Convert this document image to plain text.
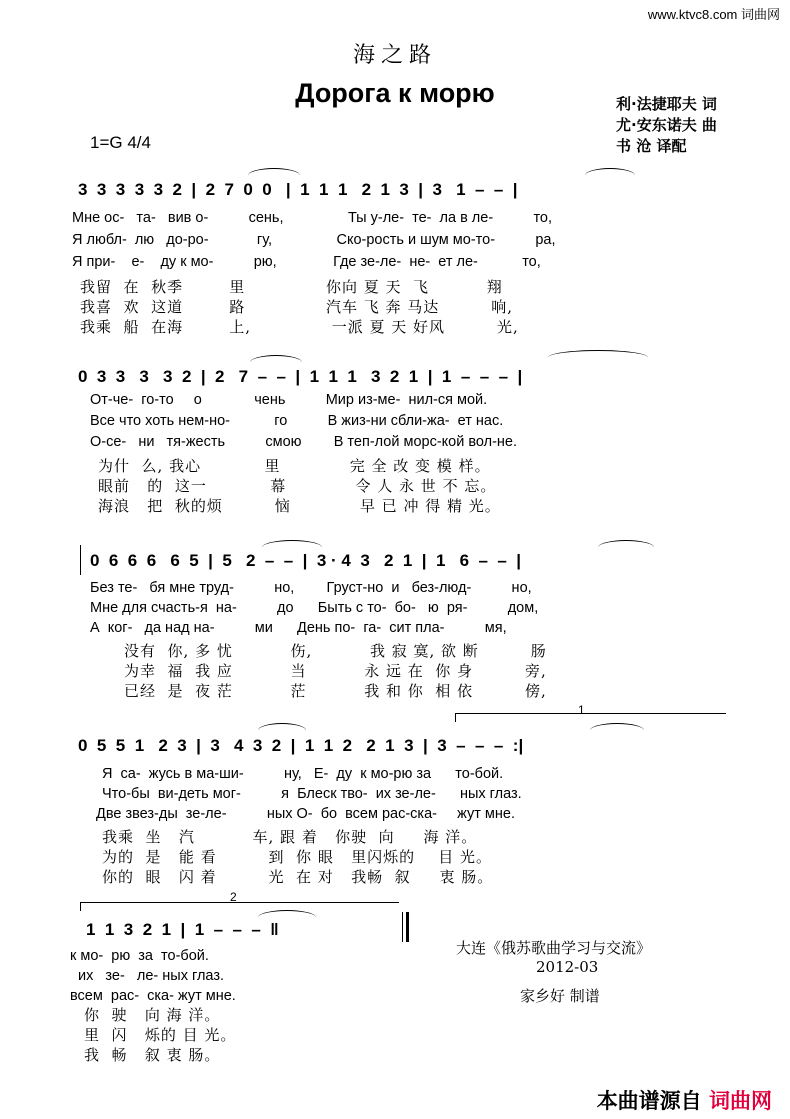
www.ktvc8.com 词曲网
海之路
Дорога к морю	利·法捷耶夫 词
尤·安东诺夫 曲
书 沧 译配
1=G 4/4
3  3  3  3  3  2  |  2  7  0  0   |  1  1  1   2  1  3  |  3   1  –  –  |
Мне ос-   та-   вив о-          сень,                Ты у-ле-  те-  ла в ле-          то,
Я любл-  лю   до-ро-            гу,                Ско-рость и шум мо-то-          ра,
Я при-    е-    ду к мо-          рю,              Где зе-ле-  не-  ет ле-           то,
我留  在  秋季        里              你向 夏 天  飞          翔
我喜  欢  这道        路              汽车 飞 奔 马达         响,
我乘  船  在海        上,              一派 夏 天 好风         光,
0  3  3   3   3  2  |  2   7  –  –  |  1  1  1   3  2  1  |  1  –  –  –  |
От-че-  го-то     о             чень          Мир из-ме-  нил-ся мой.
Все что хоть нем-но-           го          В жиз-ни сбли-жа-  ет нас.
О-се-   ни   тя-жесть          смою        В теп-лой морс-кой вол-не.
为什  么, 我心           里            完 全 改 变 模 样。
眼前   的  这一           幕            令 人 永 世 不 忘。
海浪   把  秋的烦         恼            早 已 冲 得 精 光。
0  6  6  6   6  5  |  5   2  –  –  |  3 · 4  3   2  1  |  1   6  –  –  |
Без те-   бя мне труд-          но,        Груст-но  и   без-люд-          но,
Мне для счасть-я  на-          до      Быть с то-  бо-   ю  ря-          дом,
А  ког-   да над на-          ми      День по-  га-  сит пла-          мя,
没有  你, 多 忧          伤,          我 寂 寞, 欲 断         肠
为幸  福  我 应          当          永 远 在  你 身         旁,
已经  是  夜 茫          茫          我 和 你  相 依         傍,
1
0  5  5  1   2  3  |  3   4  3  2  |  1  1  2   2  1  3  |  3  –  –  –  :|
Я  са-  жусь в ма-ши-          ну,   Е-  ду  к мо-рю за      то-бой.
Что-бы  ви-деть мог-          я  Блеск тво-  их зе-ле-      ных глаз.
Две звез-ды  зе-ле-          ных О-  бо  всем рас-ска-     жут мне.
我乘  坐   汽          车, 跟 着   你驶  向     海 洋。
为的  是   能 看         到  你 眼   里闪烁的    目 光。
你的  眼   闪 着         光  在 对   我畅  叙     衷 肠。
2
1  1  3  2  1  |  1  –  –  –  ‖
к мо-  рю  за  то-бой.
их   зе-   ле- ных глаз.
всем  рас-  ска- жут мне.
你  驶   向 海 洋。
里  闪   烁的 目 光。
我  畅   叙 衷 肠。
大连《俄苏歌曲学习与交流》
2012-03
家乡好 制谱
本曲谱源自 词曲网
